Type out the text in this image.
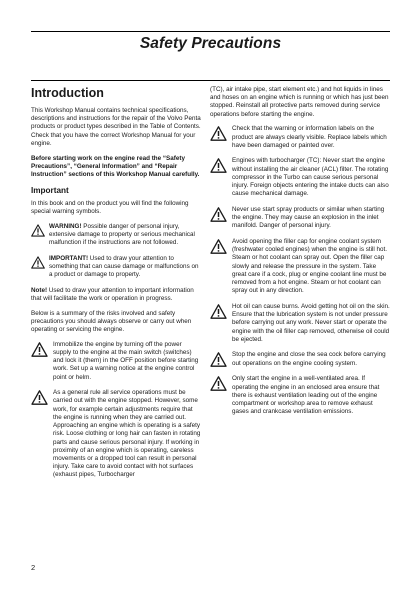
Safety Precautions
Introduction

This Workshop Manual contains technical specifications, descriptions and instructions for the repair of the Volvo Penta products or product types described in the Table of Contents. Check that you have the correct Workshop Manual for your engine.

Before starting work on the engine read the “Safety Precautions”, “General Information” and “Repair Instruction” sections of this Workshop Manual carefully.

Important

In this book and on the product you will find the following special warning symbols.

WARNING! Possible danger of personal injury, extensive damage to property or serious mechanical malfunction if the instructions are not followed.
IMPORTANT! Used to draw your attention to something that can cause damage or malfunctions on a product or damage to property.

Note! Used to draw your attention to important information that will facilitate the work or operation in progress.

Below is a summary of the risks involved and safety precautions you should always observe or carry out when operating or servicing the engine.

Immobilize the engine by turning off the power supply to the engine at the main switch (switches) and lock it (them) in the OFF position before starting work. Set up a warning notice at the engine control point or helm.
As a general rule all service operations must be carried out with the engine stopped. However, some work, for example certain adjustments require that the engine is running when they are carried out. Approaching an engine which is operating is a safety risk. Loose clothing or long hair can fasten in rotating parts and cause serious personal injury. If working in proximity of an engine which is operating, careless movements or a dropped tool can result in personal injury. Take care to avoid contact with hot surfaces (exhaust pipes, Turbocharger

(TC), air intake pipe, start element etc.) and hot liquids in lines and hoses on an engine which is running or which has just been stopped. Reinstall all protective parts removed during service operations before starting the engine.

Check that the warning or information labels on the product are always clearly visible. Replace labels which have been damaged or painted over.
Engines with turbocharger (TC): Never start the engine without installing the air cleaner (ACL) filter. The rotating compressor in the Turbo can cause serious personal injury. Foreign objects entering the intake ducts can also cause mechanical damage.
Never use start spray products or similar when starting the engine. They may cause an explosion in the inlet manifold. Danger of personal injury.
Avoid opening the filler cap for engine coolant system (freshwater cooled engines) when the engine is still hot. Steam or hot coolant can spray out. Open the filler cap slowly and release the pressure in the system. Take great care if a cock, plug or engine coolant line must be removed from a hot engine. Steam or hot coolant can spray out in any direction.
Hot oil can cause burns. Avoid getting hot oil on the skin. Ensure that the lubrication system is not under pressure before carrying out any work. Never start or operate the engine with the oil filler cap removed, otherwise oil could be ejected.
Stop the engine and close the sea cock before carrying out operations on the engine cooling system.
Only start the engine in a well-ventilated area. If operating the engine in an enclosed area ensure that there is exhaust ventilation leading out of the engine compartment or workshop area to remove exhaust gases and crankcase ventilation emissions.
2
